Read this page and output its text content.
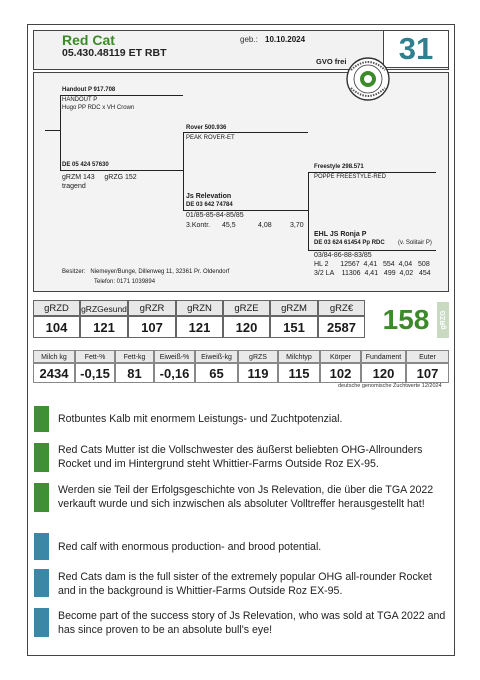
Red Cat
05.430.48119 ET RBT
geb.: 10.10.2024
GVO frei	31
Handout P 917.708
HANDOUT P
Hugo PP RDC x VH Crown
Rover 500.936
PEAK ROVER-ET
DE 05 424 57630
gRZM 143     gRZG 152
tragend
Freestyle 298.571
POPPE FREESTYLE-RED
Js Relevation
DE 03 642 74784
01/85-85-84-85/85
3.Kontr. 45,5	4,08	3,70
EHL JS Ronja P
DE 03 624 61454 Pp RDC (v. Solitair P)
03/84-86-88-83/85
HL 2      12567  4,41   554  4,04   508
3/2 LA    11306  4,41   499  4,02   454
Besitzer:   Niemeyer/Bunge, Dillenweg 11, 32361 Pr. Oldendorf
Telefon: 0171 1039894
gRZD	gRZGesund	gRZR	gRZN	gRZE	gRZM	gRZ€
104	121	107	121	120	151	2587 158	gRZG
Milch kg	Fett-%	Fett-kg	Eiweiß-%	Eiweiß-kg	gRZS	Milchtyp	Körper	Fundament	Euter
2434 -0,15	81	-0,16	65	119	115	102	120	107
deutsche genomische Zuchtwerte 12/2024
Rotbuntes Kalb mit enormem Leistungs- und Zuchtpotenzial.
Red Cats Mutter ist die Vollschwester des äußerst beliebten OHG-Allrounders Rocket und im Hintergrund steht Whittier-Farms Outside Roz EX-95.
Werden sie Teil der Erfolgsgeschichte von Js Relevation, die über die TGA 2022 verkauft wurde und sich inzwischen als absoluter Volltreffer herausgestellt hat!
Red calf with enormous production- and brood potential.
Red Cats dam is the full sister of the extremely popular OHG all-rounder Rocket and in the background is Whittier-Farms Outside Roz EX-95.
Become part of the success story of Js Relevation, who was sold at TGA 2022 and has since proven to be an absolute bull's eye!
